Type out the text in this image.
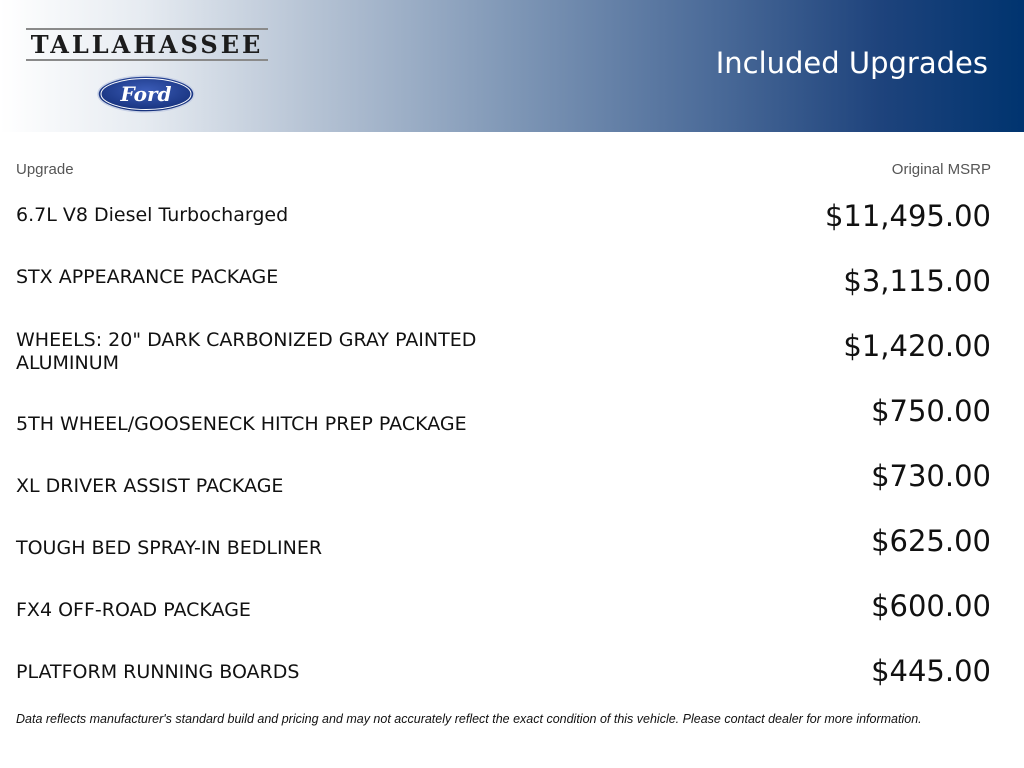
TALLAHASSEE
Ford
Included Upgrades
Upgrade	Original MSRP
6.7L V8 Diesel Turbocharged	$11,495.00
STX APPEARANCE PACKAGE	$3,115.00
WHEELS: 20" DARK CARBONIZED GRAY PAINTED ALUMINUM	$1,420.00
5TH WHEEL/GOOSENECK HITCH PREP PACKAGE	$750.00
XL DRIVER ASSIST PACKAGE	$730.00
TOUGH BED SPRAY-IN BEDLINER	$625.00
FX4 OFF-ROAD PACKAGE	$600.00
PLATFORM RUNNING BOARDS	$445.00
Data reflects manufacturer's standard build and pricing and may not accurately reflect the exact condition of this vehicle. Please contact dealer for more information.
